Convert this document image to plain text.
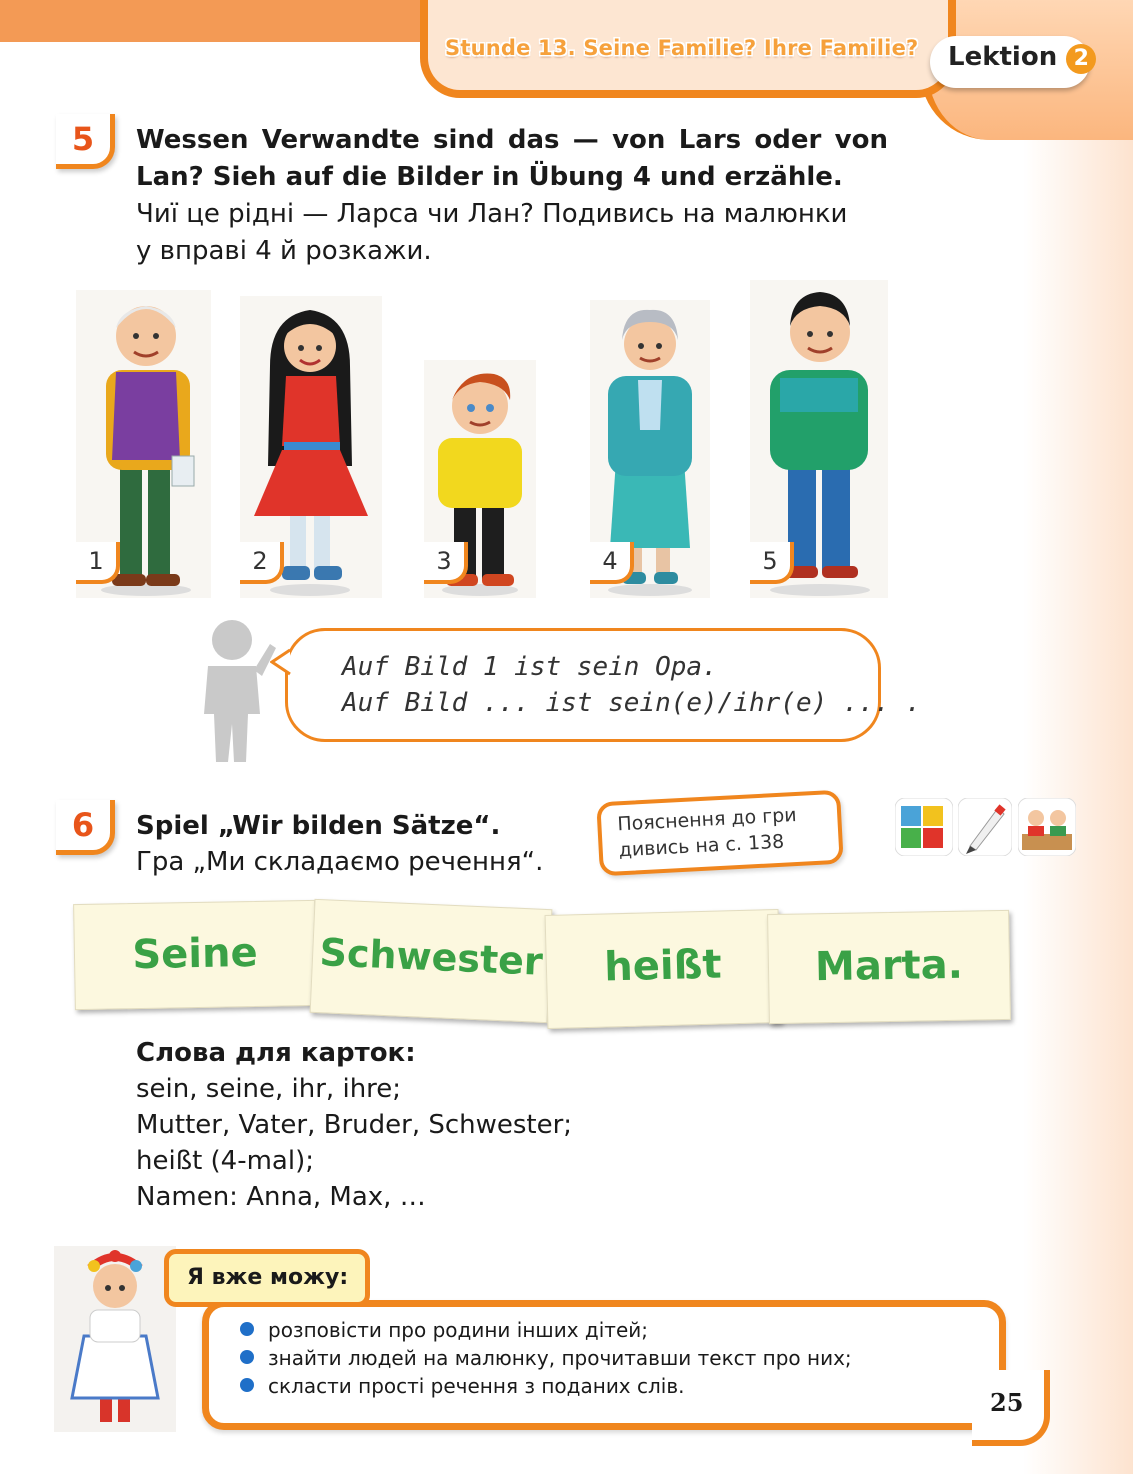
Stunde 13. Seine Familie? Ihre Familie? Lektion 2
5	Wessen Verwandte sind das — von Lars oder von Lan? Sieh auf die Bilder in Übung 4 und erzähle.
Чиї це рідні — Ларса чи Лан? Подивись на малюнки
у вправі 4 й розкажи.
1	2	3	4	5
Auf Bild 1 ist sein Opa.
Auf Bild ... ist sein(e)/ihr(e) ... .
6	Spiel „Wir bilden Sätze“.
Гра „Ми складаємо речення“.
Пояснення до гри
дивись на с. 138
Seine	Schwester	heißt	Marta.
Слова для карток:
sein, seine, ihr, ihre;
Mutter, Vater, Bruder, Schwester;
heißt (4-mal);
Namen: Anna, Max, …
Я вже можу:
розповісти про родини інших дітей;
знайти людей на малюнку, прочитавши текст про них;
скласти прості речення з поданих слів.
25
